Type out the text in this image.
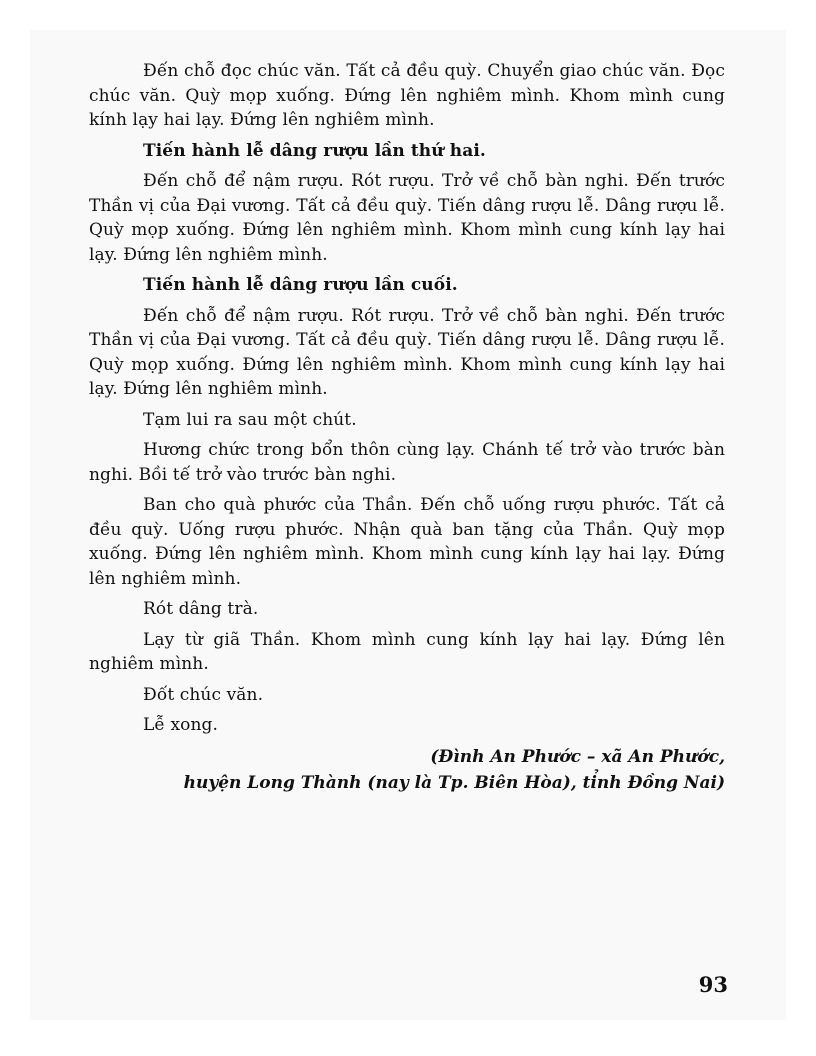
Đến chỗ đọc chúc văn. Tất cả đều quỳ. Chuyển giao chúc văn. Đọc chúc văn. Quỳ mọp xuống. Đứng lên nghiêm mình. Khom mình cung kính lạy hai lạy. Đứng lên nghiêm mình.

Tiến hành lễ dâng rượu lần thứ hai.

Đến chỗ để nậm rượu. Rót rượu. Trở về chỗ bàn nghi. Đến trước Thần vị của Đại vương. Tất cả đều quỳ. Tiến dâng rượu lễ. Dâng rượu lễ. Quỳ mọp xuống. Đứng lên nghiêm mình. Khom mình cung kính lạy hai lạy. Đứng lên nghiêm mình.

Tiến hành lễ dâng rượu lần cuối.

Đến chỗ để nậm rượu. Rót rượu. Trở về chỗ bàn nghi. Đến trước Thần vị của Đại vương. Tất cả đều quỳ. Tiến dâng rượu lễ. Dâng rượu lễ. Quỳ mọp xuống. Đứng lên nghiêm mình. Khom mình cung kính lạy hai lạy. Đứng lên nghiêm mình.

Tạm lui ra sau một chút.

Hương chức trong bổn thôn cùng lạy. Chánh tế trở vào trước bàn nghi. Bồi tế trở vào trước bàn nghi.

Ban cho quà phước của Thần. Đến chỗ uống rượu phước. Tất cả đều quỳ. Uống rượu phước. Nhận quà ban tặng của Thần. Quỳ mọp xuống. Đứng lên nghiêm mình. Khom mình cung kính lạy hai lạy. Đứng lên nghiêm mình.

Rót dâng trà.

Lạy từ giã Thần. Khom mình cung kính lạy hai lạy. Đứng lên nghiêm mình.

Đốt chúc văn.

Lễ xong.

(Đình An Phước – xã An Phước,
huyện Long Thành (nay là Tp. Biên Hòa), tỉnh Đồng Nai)
93
